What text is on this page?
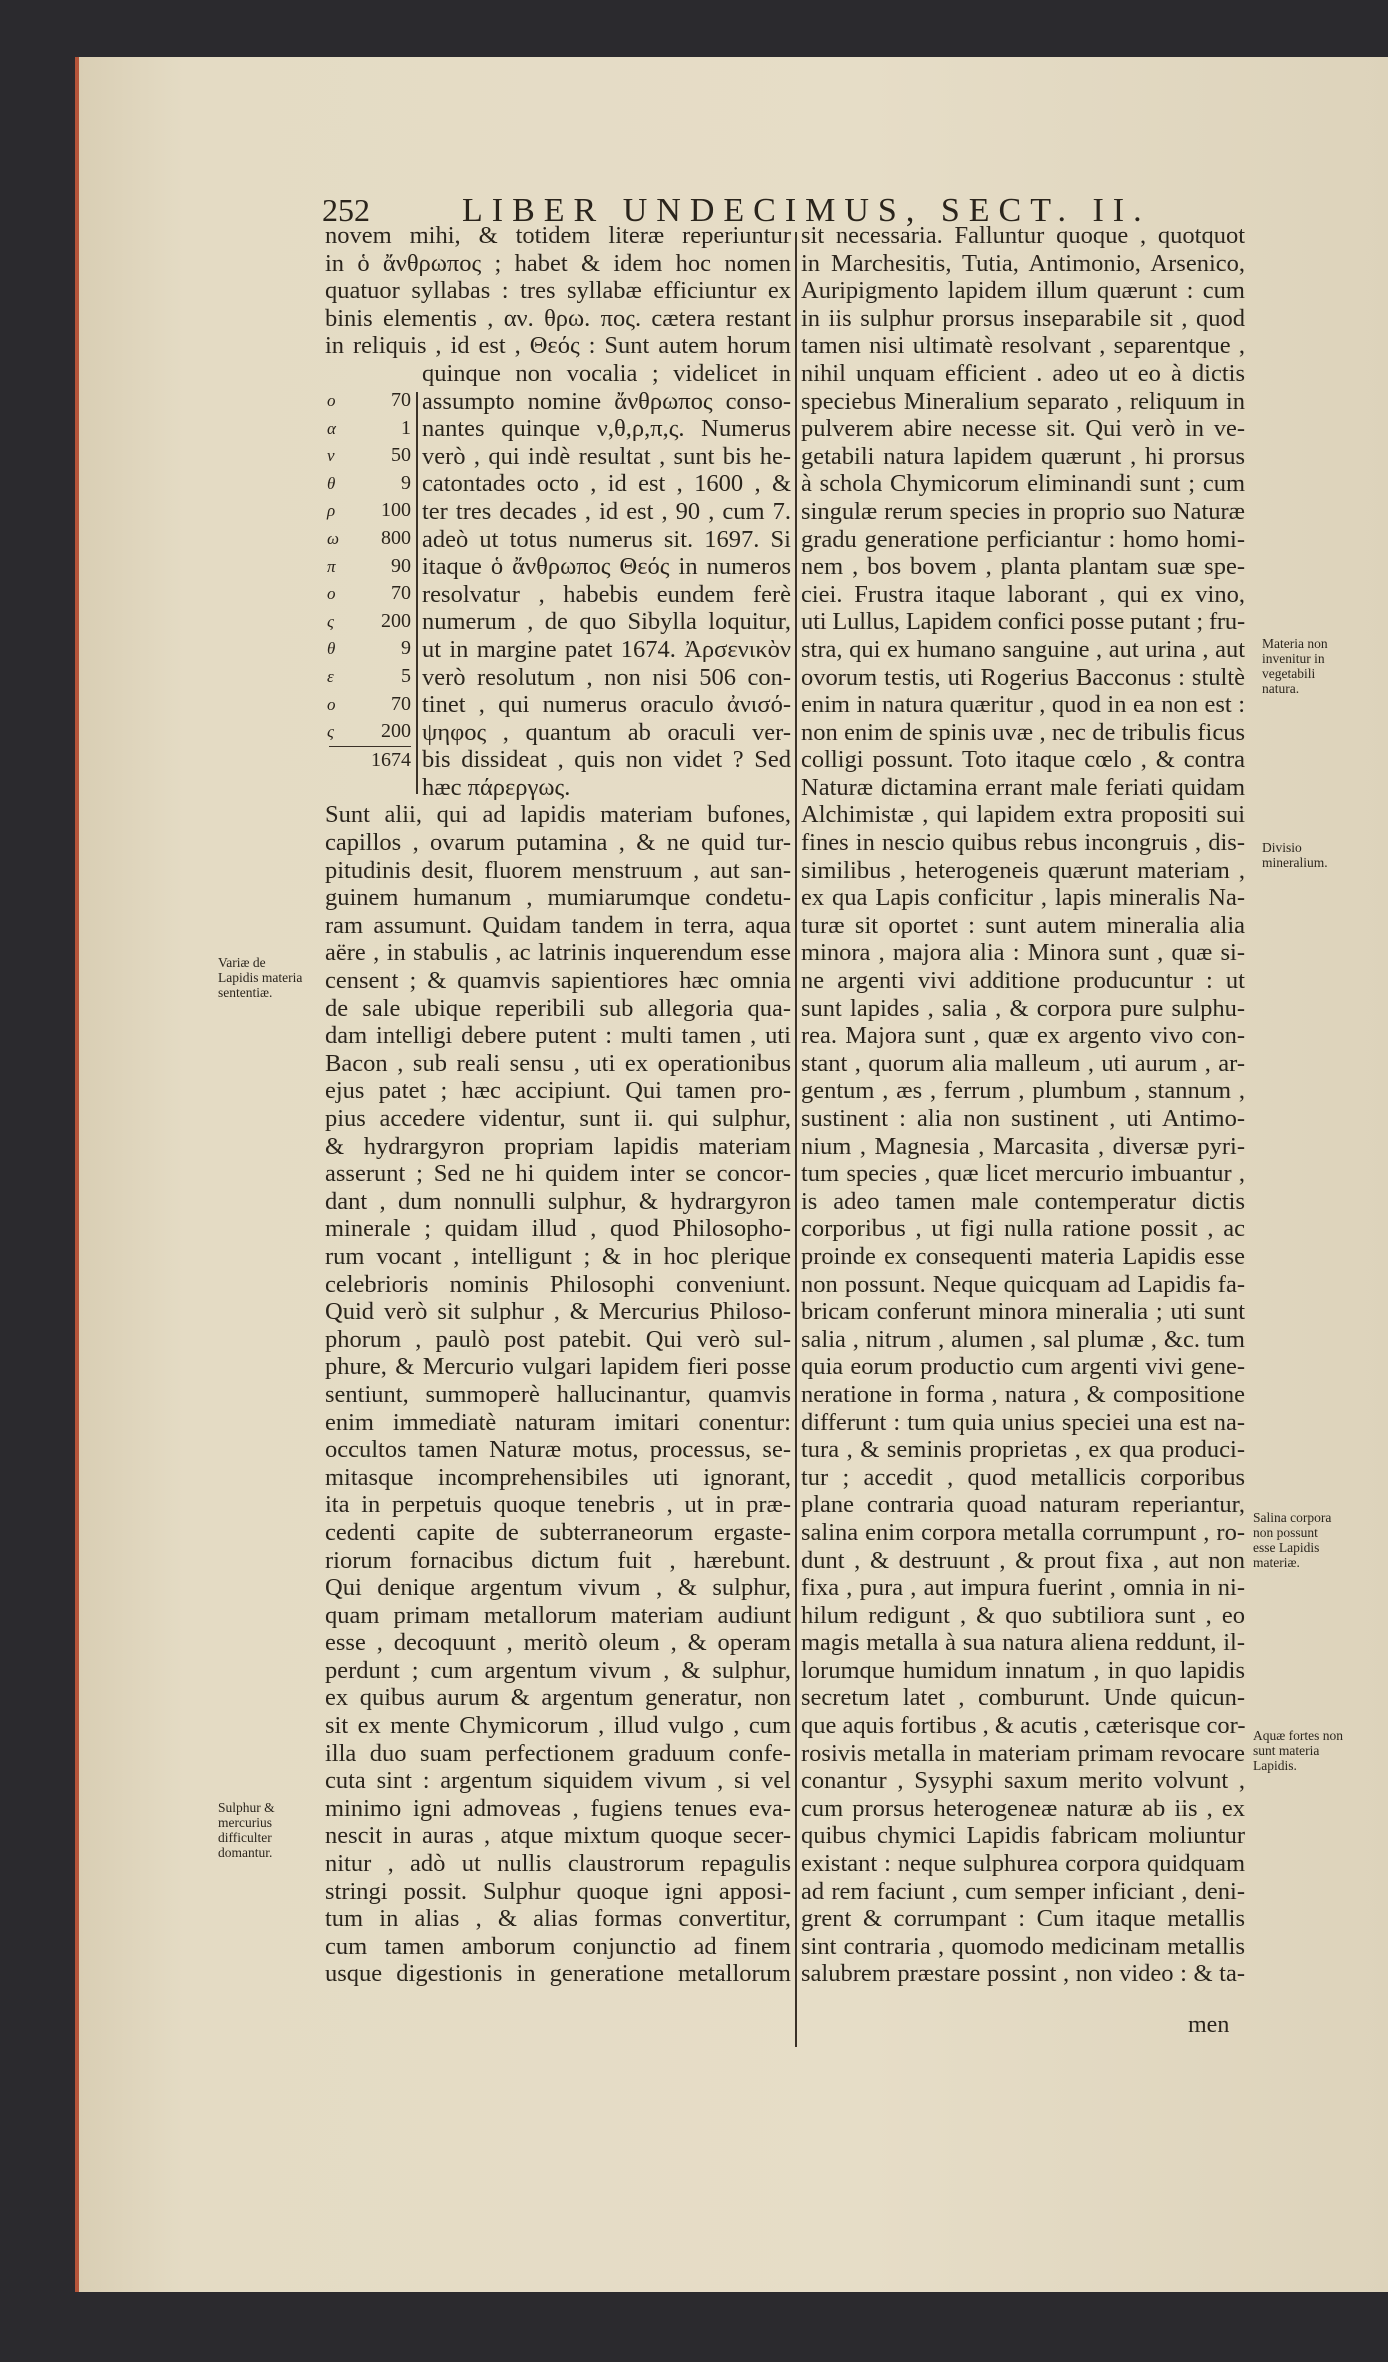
252	LIBER UNDECIMUS, SECT. II.
novem mihi, & totidem literæ reperiuntur
in ὁ ἄνθρωπος ; habet & idem hoc nomen
quatuor syllabas : tres syllabæ efficiuntur ex
binis elementis , αν. θρω. πος. cætera restant
in reliquis , id est , Θεός : Sunt autem horum
quinque non vocalia ; videlicet in
assumpto nomine ἄνθρωπος conso-
nantes quinque ν,θ,ρ,π,ς. Numerus
verò , qui indè resultat , sunt bis he-
catontades octo , id est , 1600 , &
ter tres decades , id est , 90 , cum 7.
adeò ut totus numerus sit. 1697. Si
itaque ὁ ἄνθρωπος Θεός in numeros
resolvatur , habebis eundem ferè
numerum , de quo Sibylla loquitur,
ut in margine patet 1674. Ἀρσενικὸν
verò resolutum , non nisi 506 con-
tinet , qui numerus oraculo ἀνισό-
ψηφος , quantum ab oraculi ver-
bis dissideat , quis non videt ? Sed
hæc πάρεργως.
Sunt alii, qui ad lapidis materiam bufones,
capillos , ovarum putamina , & ne quid tur-
pitudinis desit, fluorem menstruum , aut san-
guinem humanum , mumiarumque condetu-
ram assumunt. Quidam tandem in terra, aqua
aëre , in stabulis , ac latrinis inquerendum esse
censent ; & quamvis sapientiores hæc omnia
de sale ubique reperibili sub allegoria qua-
dam intelligi debere putent : multi tamen , uti
Bacon , sub reali sensu , uti ex operationibus
ejus patet ; hæc accipiunt. Qui tamen pro-
pius accedere videntur, sunt ii. qui sulphur,
& hydrargyron propriam lapidis materiam
asserunt ; Sed ne hi quidem inter se concor-
dant , dum nonnulli sulphur, & hydrargyron
minerale ; quidam illud , quod Philosopho-
rum vocant , intelligunt ; & in hoc plerique
celebrioris nominis Philosophi conveniunt.
Quid verò sit sulphur , & Mercurius Philoso-
phorum , paulò post patebit. Qui verò sul-
phure, & Mercurio vulgari lapidem fieri posse
sentiunt, summoperè hallucinantur, quamvis
enim immediatè naturam imitari conentur:
occultos tamen Naturæ motus, processus, se-
mitasque incomprehensibiles uti ignorant,
ita in perpetuis quoque tenebris , ut in præ-
cedenti capite de subterraneorum ergaste-
riorum fornacibus dictum fuit , hærebunt.
Qui denique argentum vivum , & sulphur,
quam primam metallorum materiam audiunt
esse , decoquunt , meritò oleum , & operam
perdunt ; cum argentum vivum , & sulphur,
ex quibus aurum & argentum generatur, non
sit ex mente Chymicorum , illud vulgo , cum
illa duo suam perfectionem graduum confe-
cuta sint : argentum siquidem vivum , si vel
minimo igni admoveas , fugiens tenues eva-
nescit in auras , atque mixtum quoque secer-
nitur , adò ut nullis claustrorum repagulis
stringi possit. Sulphur quoque igni apposi-
tum in alias , & alias formas convertitur,
cum tamen amborum conjunctio ad finem
usque digestionis in generatione metallorum
ο	70
α	1
ν	50
θ	9
ρ 100
ω 800
π	90
ο	70
ς 200
θ	9
ε	5
ο	70
ς 200
1674
sit necessaria. Falluntur quoque , quotquot
in Marchesitis, Tutia, Antimonio, Arsenico,
Auripigmento lapidem illum quærunt : cum
in iis sulphur prorsus inseparabile sit , quod
tamen nisi ultimatè resolvant , separentque ,
nihil unquam efficient . adeo ut eo à dictis
speciebus Mineralium separato , reliquum in
pulverem abire necesse sit. Qui verò in ve-
getabili natura lapidem quærunt , hi prorsus
à schola Chymicorum eliminandi sunt ; cum
singulæ rerum species in proprio suo Naturæ
gradu generatione perficiantur : homo homi-
nem , bos bovem , planta plantam suæ spe-
ciei. Frustra itaque laborant , qui ex vino,
uti Lullus, Lapidem confici posse putant ; fru-
stra, qui ex humano sanguine , aut urina , aut
ovorum testis, uti Rogerius Bacconus : stultè
enim in natura quæritur , quod in ea non est :
non enim de spinis uvæ , nec de tribulis ficus
colligi possunt. Toto itaque cœlo , & contra
Naturæ dictamina errant male feriati quidam
Alchimistæ , qui lapidem extra propositi sui
fines in nescio quibus rebus incongruis , dis-
similibus , heterogeneis quærunt materiam ,
ex qua Lapis conficitur , lapis mineralis Na-
turæ sit oportet : sunt autem mineralia alia
minora , majora alia : Minora sunt , quæ si-
ne argenti vivi additione producuntur : ut
sunt lapides , salia , & corpora pure sulphu-
rea. Majora sunt , quæ ex argento vivo con-
stant , quorum alia malleum , uti aurum , ar-
gentum , æs , ferrum , plumbum , stannum ,
sustinent : alia non sustinent , uti Antimo-
nium , Magnesia , Marcasita , diversæ pyri-
tum species , quæ licet mercurio imbuantur ,
is adeo tamen male contemperatur dictis
corporibus , ut figi nulla ratione possit , ac
proinde ex consequenti materia Lapidis esse
non possunt. Neque quicquam ad Lapidis fa-
bricam conferunt minora mineralia ; uti sunt
salia , nitrum , alumen , sal plumæ , &c. tum
quia eorum productio cum argenti vivi gene-
neratione in forma , natura , & compositione
differunt : tum quia unius speciei una est na-
tura , & seminis proprietas , ex qua produci-
tur ; accedit , quod metallicis corporibus
plane contraria quoad naturam reperiantur,
salina enim corpora metalla corrumpunt , ro-
dunt , & destruunt , & prout fixa , aut non
fixa , pura , aut impura fuerint , omnia in ni-
hilum redigunt , & quo subtiliora sunt , eo
magis metalla à sua natura aliena reddunt, il-
lorumque humidum innatum , in quo lapidis
secretum latet , comburunt. Unde quicun-
que aquis fortibus , & acutis , cæterisque cor-
rosivis metalla in materiam primam revocare
conantur , Sysyphi saxum merito volvunt ,
cum prorsus heterogeneæ naturæ ab iis , ex
quibus chymici Lapidis fabricam moliuntur
existant : neque sulphurea corpora quidquam
ad rem faciunt , cum semper inficiant , deni-
grent & corrumpant : Cum itaque metallis
sint contraria , quomodo medicinam metallis
salubrem præstare possint , non video : & ta-
men
Variæ de Lapidis materia sententiæ.
Sulphur & mercurius difficulter domantur.
Materia non invenitur in vegetabili natura.
Divisio mineralium.
Salina corpora non possunt esse Lapidis materiæ.
Aquæ fortes non sunt materia Lapidis.
